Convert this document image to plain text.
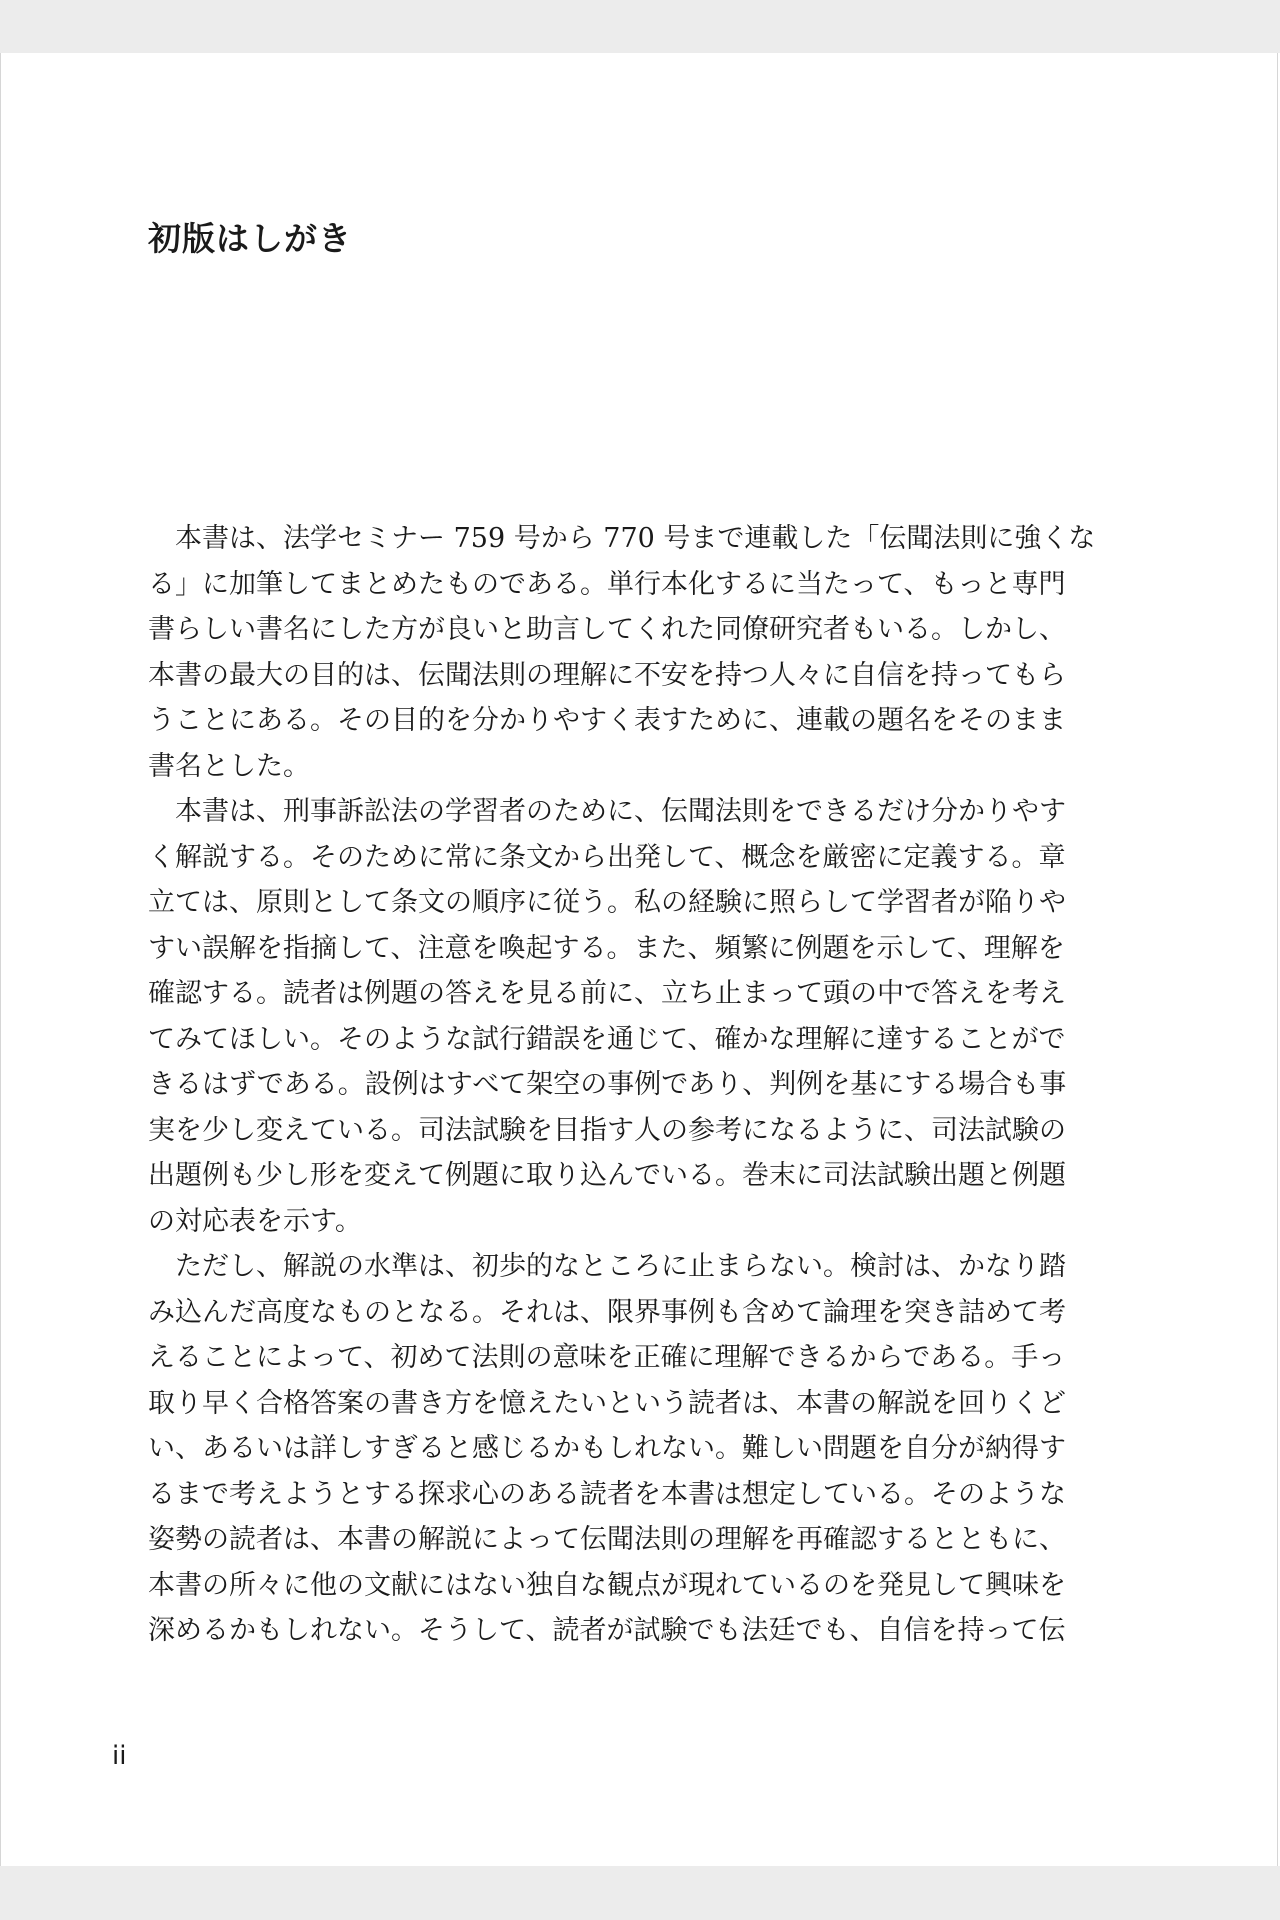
初版はしがき
　本書は、法学セミナー 759 号から 770 号まで連載した「伝聞法則に強くな
る」に加筆してまとめたものである。単行本化するに当たって、もっと専門
書らしい書名にした方が良いと助言してくれた同僚研究者もいる。しかし、
本書の最大の目的は、伝聞法則の理解に不安を持つ人々に自信を持ってもら
うことにある。その目的を分かりやすく表すために、連載の題名をそのまま
書名とした。
　本書は、刑事訴訟法の学習者のために、伝聞法則をできるだけ分かりやす
く解説する。そのために常に条文から出発して、概念を厳密に定義する。章
立ては、原則として条文の順序に従う。私の経験に照らして学習者が陥りや
すい誤解を指摘して、注意を喚起する。また、頻繁に例題を示して、理解を
確認する。読者は例題の答えを見る前に、立ち止まって頭の中で答えを考え
てみてほしい。そのような試行錯誤を通じて、確かな理解に達することがで
きるはずである。設例はすべて架空の事例であり、判例を基にする場合も事
実を少し変えている。司法試験を目指す人の参考になるように、司法試験の
出題例も少し形を変えて例題に取り込んでいる。巻末に司法試験出題と例題
の対応表を示す。
　ただし、解説の水準は、初歩的なところに止まらない。検討は、かなり踏
み込んだ高度なものとなる。それは、限界事例も含めて論理を突き詰めて考
えることによって、初めて法則の意味を正確に理解できるからである。手っ
取り早く合格答案の書き方を憶えたいという読者は、本書の解説を回りくど
い、あるいは詳しすぎると感じるかもしれない。難しい問題を自分が納得す
るまで考えようとする探求心のある読者を本書は想定している。そのような
姿勢の読者は、本書の解説によって伝聞法則の理解を再確認するとともに、
本書の所々に他の文献にはない独自な観点が現れているのを発見して興味を
深めるかもしれない。そうして、読者が試験でも法廷でも、自信を持って伝
ii
